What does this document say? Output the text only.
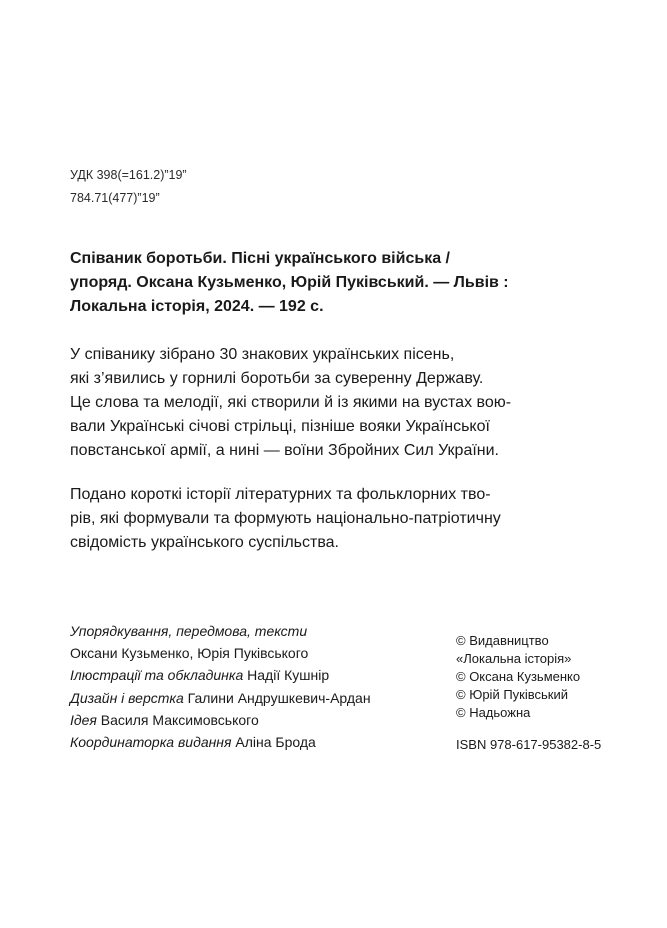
УДК 398(=161.2)”19”
784.71(477)”19”
Співаник боротьби. Пісні українського війська /
упоряд. Оксана Кузьменко, Юрій Пуківський. — Львів :
Локальна історія, 2024. — 192 с.
У співанику зібрано 30 знакових українських пісень,
які з’явились у горнилі боротьби за суверенну Державу.
Це слова та мелодії, які створили й із якими на вустах вою-
вали Українські січові стрільці, пізніше вояки Української
повстанської армії, а нині — воїни Збройних Сил України.
Подано короткі історії літературних та фольклорних тво-
рів, які формували та формують національно-патріотичну
свідомість українського суспільства.
Упорядкування, передмова, тексти
Оксани Кузьменко, Юрія Пуківського
Ілюстрації та обкладинка Надії Кушнір
Дизайн і верстка Галини Андрушкевич-Ардан
Ідея Василя Максимовського
Координаторка видання Аліна Брода
© Видавництво
«Локальна історія»
© Оксана Кузьменко
© Юрій Пуківський
© Надьожна
ISBN 978-617-95382-8-5
